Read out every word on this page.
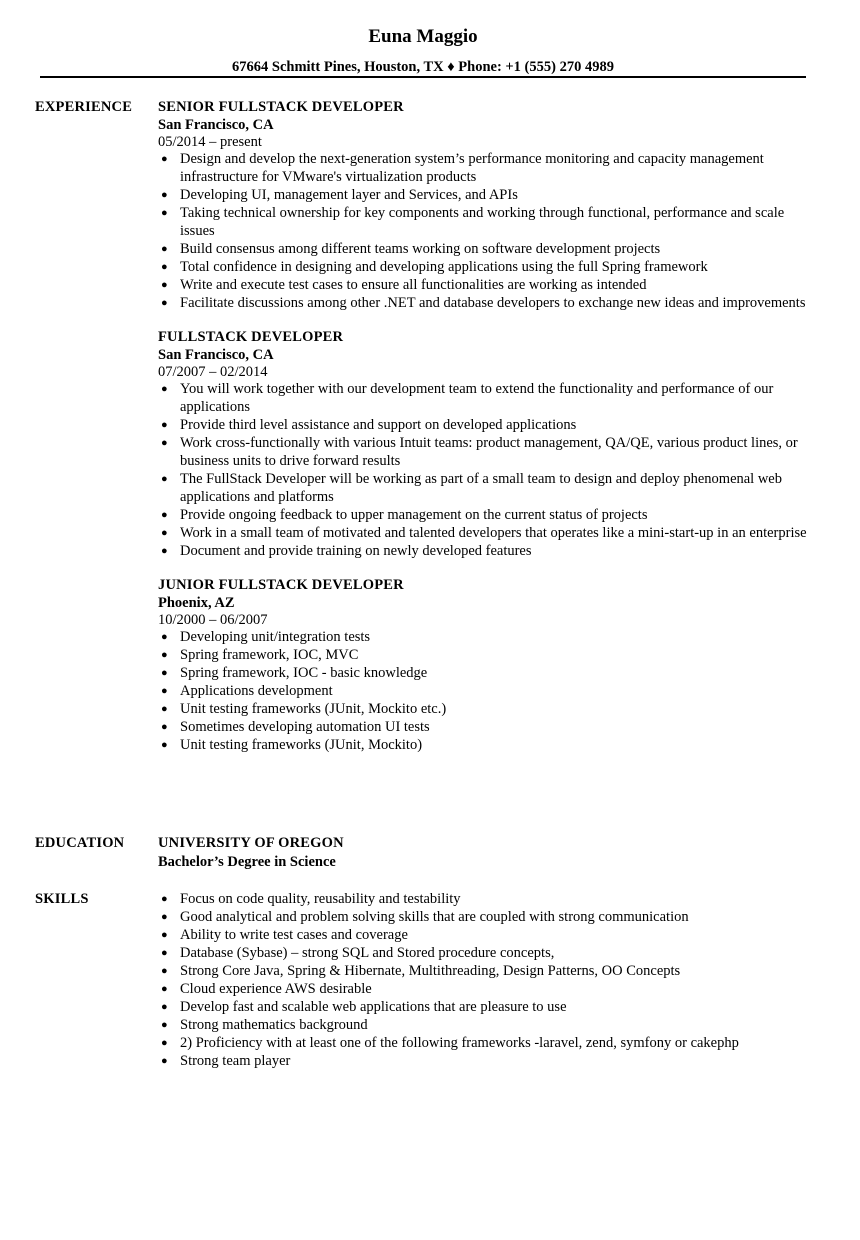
Euna Maggio
67664 Schmitt Pines, Houston, TX ♦ Phone: +1 (555) 270 4989
EXPERIENCE SENIOR FULLSTACK DEVELOPER
San Francisco, CA
05/2014 – present
● Design and develop the next-generation system’s performance monitoring and capacity management infrastructure for VMware's virtualization products
● Developing UI, management layer and Services, and APIs
● Taking technical ownership for key components and working through functional, performance and scale issues
● Build consensus among different teams working on software development projects
● Total confidence in designing and developing applications using the full Spring framework
● Write and execute test cases to ensure all functionalities are working as intended
● Facilitate discussions among other .NET and database developers to exchange new ideas and improvements
FULLSTACK DEVELOPER
San Francisco, CA
07/2007 – 02/2014
● You will work together with our development team to extend the functionality and performance of our applications
● Provide third level assistance and support on developed applications
● Work cross-functionally with various Intuit teams: product management, QA/QE, various product lines, or business units to drive forward results
● The FullStack Developer will be working as part of a small team to design and deploy phenomenal web applications and platforms
● Provide ongoing feedback to upper management on the current status of projects
● Work in a small team of motivated and talented developers that operates like a mini-start-up in an enterprise
● Document and provide training on newly developed features
JUNIOR FULLSTACK DEVELOPER
Phoenix, AZ
10/2000 – 06/2007
● Developing unit/integration tests
● Spring framework, IOC, MVC
● Spring framework, IOC - basic knowledge
● Applications development
● Unit testing frameworks (JUnit, Mockito etc.)
● Sometimes developing automation UI tests
● Unit testing frameworks (JUnit, Mockito)
EDUCATION UNIVERSITY OF OREGON
Bachelor’s Degree in Science
SKILLS	● Focus on code quality, reusability and testability
● Good analytical and problem solving skills that are coupled with strong communication
● Ability to write test cases and coverage
● Database (Sybase) – strong SQL and Stored procedure concepts,
● Strong Core Java, Spring & Hibernate, Multithreading, Design Patterns, OO Concepts
● Cloud experience AWS desirable
● Develop fast and scalable web applications that are pleasure to use
● Strong mathematics background
● 2) Proficiency with at least one of the following frameworks -laravel, zend, symfony or cakephp
● Strong team player
